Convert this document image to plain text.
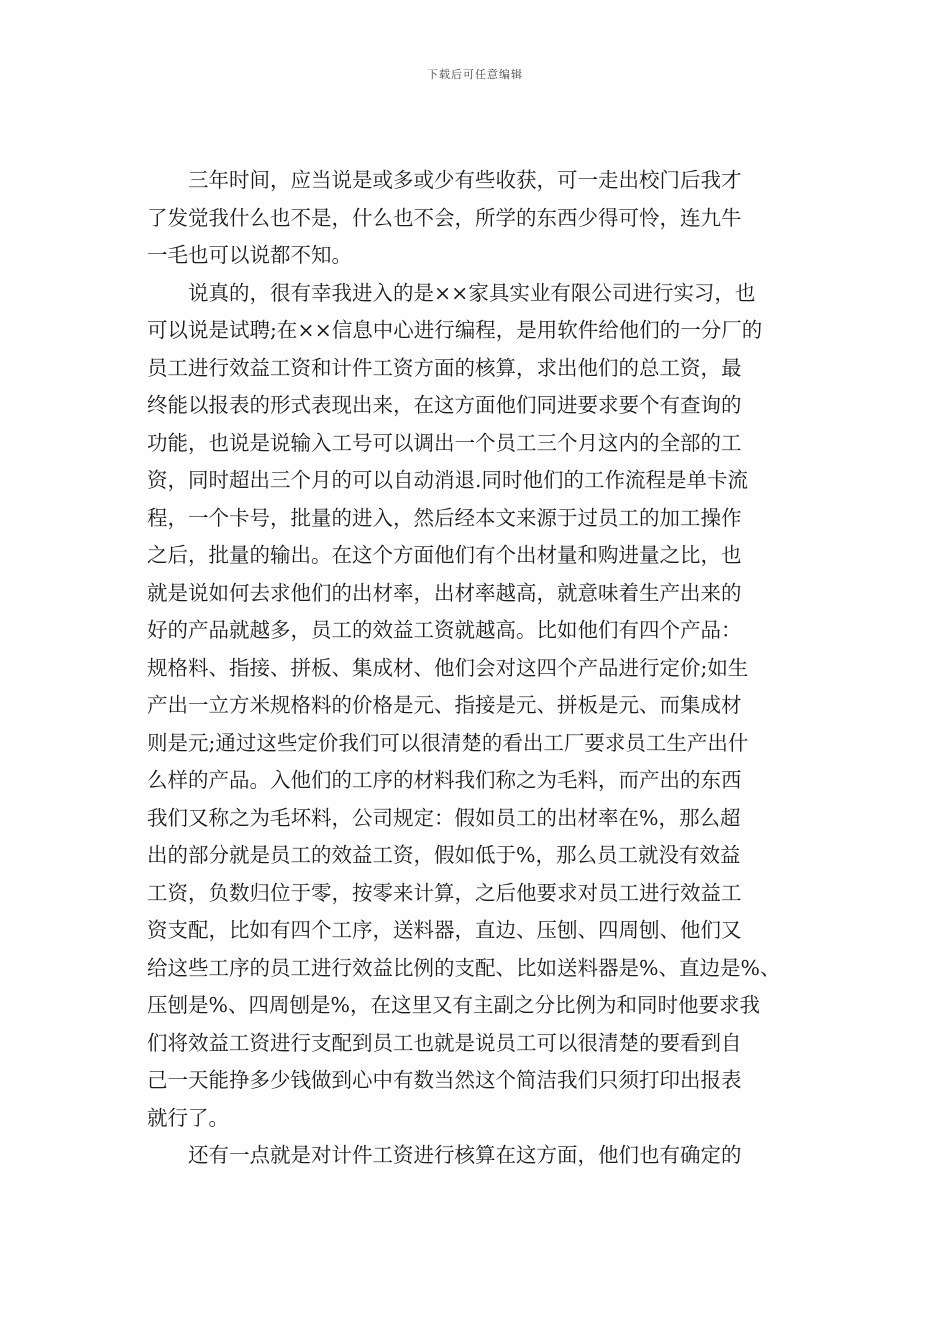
下载后可任意编辑
　　三年时间，应当说是或多或少有些收获，可一走出校门后我才
了发觉我什么也不是，什么也不会，所学的东西少得可怜，连九牛
一毛也可以说都不知。
　　说真的，很有幸我进入的是××家具实业有限公司进行实习，也
可以说是试聘;在××信息中心进行编程，是用软件给他们的一分厂的
员工进行效益工资和计件工资方面的核算，求出他们的总工资，最
终能以报表的形式表现出来，在这方面他们同进要求要个有查询的
功能，也说是说输入工号可以调出一个员工三个月这内的全部的工
资，同时超出三个月的可以自动消退.同时他们的工作流程是单卡流
程，一个卡号，批量的进入，然后经本文来源于过员工的加工操作
之后，批量的输出。在这个方面他们有个出材量和购进量之比，也
就是说如何去求他们的出材率，出材率越高，就意味着生产出来的
好的产品就越多，员工的效益工资就越高。比如他们有四个产品：
规格料、指接、拼板、集成材、他们会对这四个产品进行定价;如生
产出一立方米规格料的价格是元、指接是元、拼板是元、而集成材
则是元;通过这些定价我们可以很清楚的看出工厂要求员工生产出什
么样的产品。入他们的工序的材料我们称之为毛料，而产出的东西
我们又称之为毛坏料，公司规定：假如员工的出材率在%，那么超
出的部分就是员工的效益工资，假如低于%，那么员工就没有效益
工资，负数归位于零，按零来计算，之后他要求对员工进行效益工
资支配，比如有四个工序，送料器，直边、压刨、四周刨、他们又
给这些工序的员工进行效益比例的支配、比如送料器是%、直边是%、
压刨是%、四周刨是%，在这里又有主副之分比例为和同时他要求我
们将效益工资进行支配到员工也就是说员工可以很清楚的要看到自
己一天能挣多少钱做到心中有数当然这个简洁我们只须打印出报表
就行了。
　　还有一点就是对计件工资进行核算在这方面，他们也有确定的
